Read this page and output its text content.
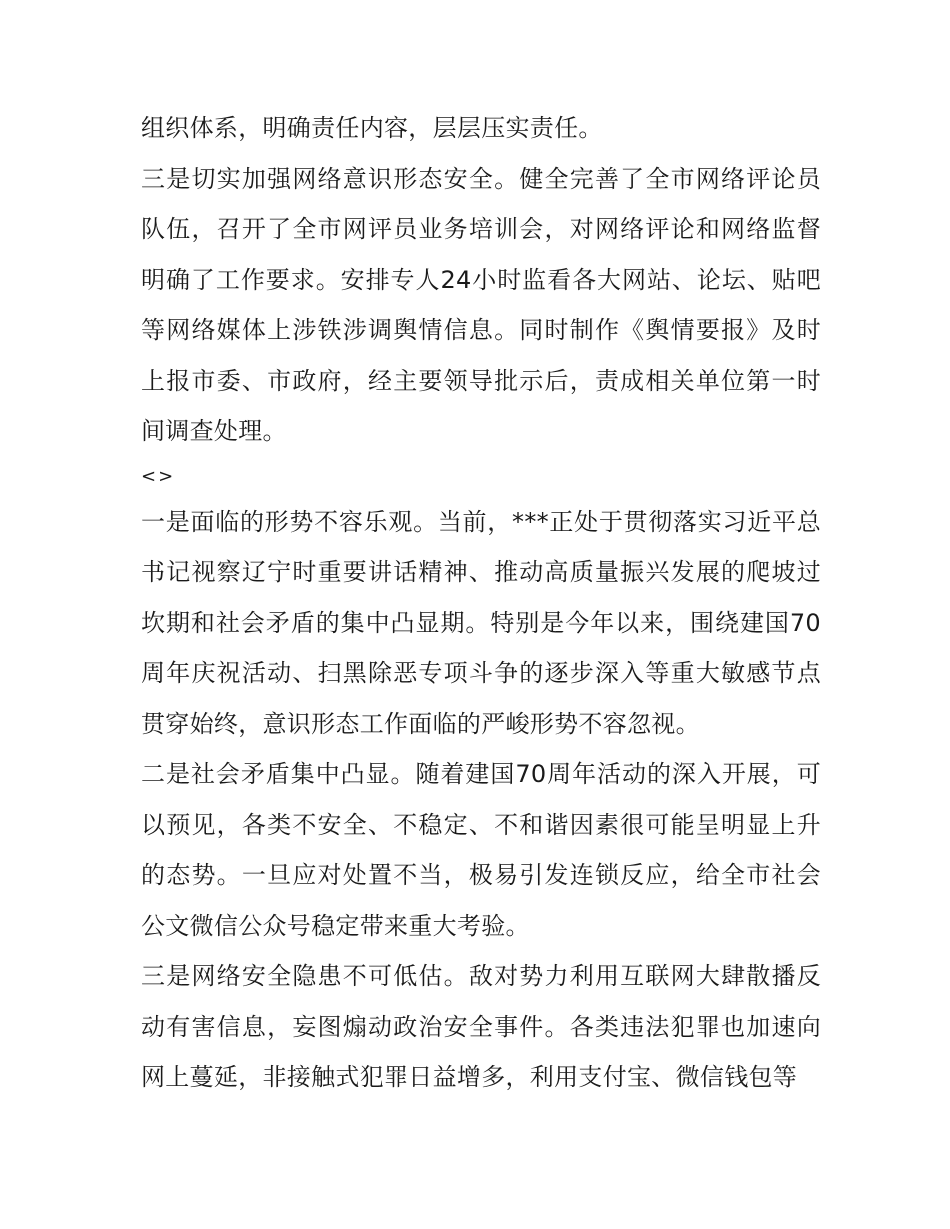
组织体系，明确责任内容，层层压实责任。

三是切实加强网络意识形态安全。健全完善了全市网络评论员队伍，召开了全市网评员业务培训会，对网络评论和网络监督明确了工作要求。安排专人24小时监看各大网站、论坛、贴吧等网络媒体上涉铁涉调舆情信息。同时制作《舆情要报》及时上报市委、市政府，经主要领导批示后，责成相关单位第一时间调查处理。

<>

一是面临的形势不容乐观。当前，***正处于贯彻落实习近平总书记视察辽宁时重要讲话精神、推动高质量振兴发展的爬坡过坎期和社会矛盾的集中凸显期。特别是今年以来，围绕建国70周年庆祝活动、扫黑除恶专项斗争的逐步深入等重大敏感节点贯穿始终，意识形态工作面临的严峻形势不容忽视。

二是社会矛盾集中凸显。随着建国70周年活动的深入开展，可以预见，各类不安全、不稳定、不和谐因素很可能呈明显上升的态势。一旦应对处置不当，极易引发连锁反应，给全市社会公文微信公众号稳定带来重大考验。

三是网络安全隐患不可低估。敌对势力利用互联网大肆散播反动有害信息，妄图煽动政治安全事件。各类违法犯罪也加速向网上蔓延，非接触式犯罪日益增多，利用支付宝、微信钱包等
